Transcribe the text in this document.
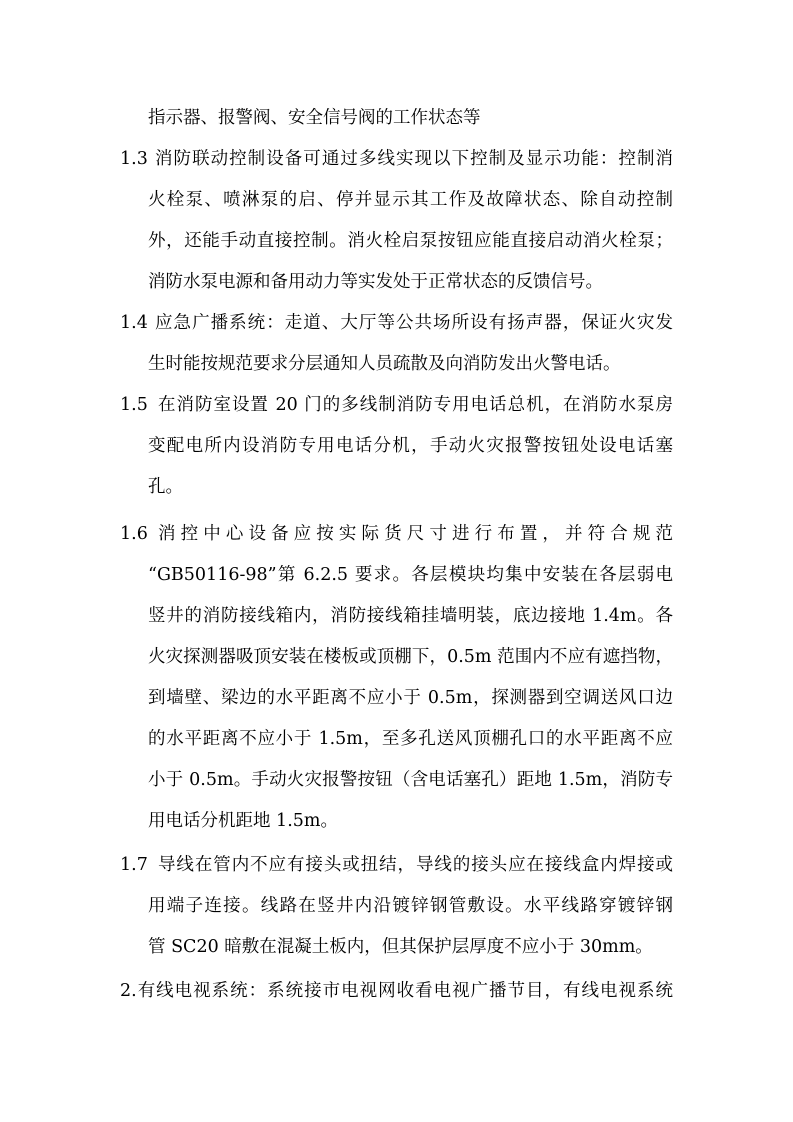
指示器、报警阀、安全信号阀的工作状态等
1.3 消防联动控制设备可通过多线实现以下控制及显示功能：控制消
火栓泵、喷淋泵的启、停并显示其工作及故障状态、除自动控制
外，还能手动直接控制。消火栓启泵按钮应能直接启动消火栓泵；
消防水泵电源和备用动力等实发处于正常状态的反馈信号。
1.4 应急广播系统：走道、大厅等公共场所设有扬声器，保证火灾发
生时能按规范要求分层通知人员疏散及向消防发出火警电话。
1.5 在消防室设置 20 门的多线制消防专用电话总机，在消防水泵房
变配电所内设消防专用电话分机，手动火灾报警按钮处设电话塞
孔。
1.6 消控中心设备应按实际货尺寸进行布置，并符合规范
“GB50116-98”第 6.2.5 要求。各层模块均集中安装在各层弱电
竖井的消防接线箱内，消防接线箱挂墙明装，底边接地 1.4m。各
火灾探测器吸顶安装在楼板或顶棚下，0.5m 范围内不应有遮挡物，
到墙壁、梁边的水平距离不应小于 0.5m，探测器到空调送风口边
的水平距离不应小于 1.5m，至多孔送风顶棚孔口的水平距离不应
小于 0.5m。手动火灾报警按钮（含电话塞孔）距地 1.5m，消防专
用电话分机距地 1.5m。
1.7 导线在管内不应有接头或扭结，导线的接头应在接线盒内焊接或
用端子连接。线路在竖井内沿镀锌钢管敷设。水平线路穿镀锌钢
管 SC20 暗敷在混凝土板内，但其保护层厚度不应小于 30mm。
2.有线电视系统：系统接市电视网收看电视广播节目，有线电视系统
